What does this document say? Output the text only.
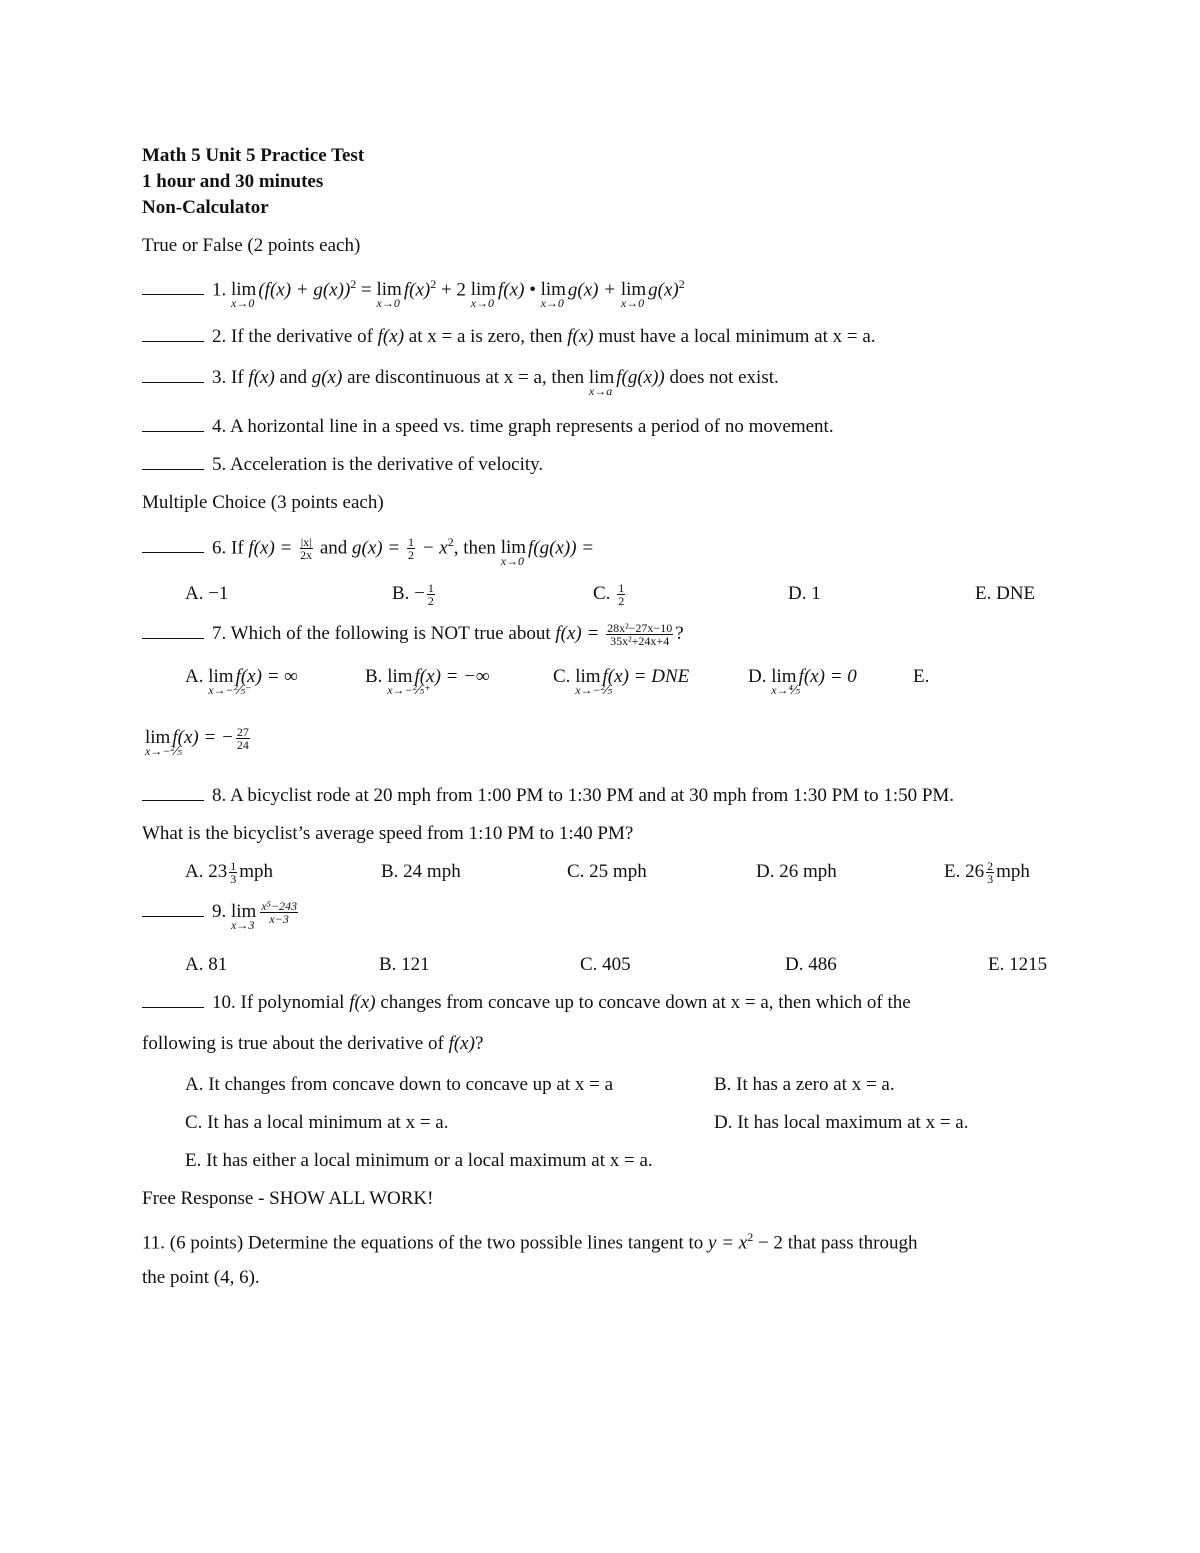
Math 5 Unit 5 Practice Test
1 hour and 30 minutes
Non-Calculator
True or False (2 points each)
1. lim
x→0
$(f(x) + g(x))^2 = \lim$
x→0
$f(x)^2 + 2$ lim
x→0
f(x) • lim
x→0
g(x) + lim
x→0
$g(x)^2$
2. If the derivative of f(x) at x = a is zero, then f(x) must have a local minimum at x = a.
3. If f(x) and g(x) are discontinuous at x = a, then lim
x→a
f(g(x)) does not exist.
4. A horizontal line in a speed vs. time graph represents a period of no movement.
5. Acceleration is the derivative of velocity.
Multiple Choice (3 points each)
6. If $f(x) = \frac{|x|}{2x}$ and $g(x) = \frac{1}{2} - x^2$, then lim
x→0
f(g(x)) =
A. −1	B. − $\frac{1}{2}$	C. $\frac{1}{2}$	D. 1	E. DNE
7. Which of the following is NOT true about $f(x) = \frac{\text{28x²−27x−10}}{\text{35x²+24x+4}}$ ?
A. lim
x→−⅖⁻
f(x) = ∞	B. lim
x→−⅖⁺
f(x) = −∞	C. lim
x→−⅖
f(x) = DNE	D. lim
x→⅘
f(x) = 0	E.
lim
x→−⅖
f(x) = − $\frac{27}{24}$
8. A bicyclist rode at 20 mph from 1:00 PM to 1:30 PM and at 30 mph from 1:30 PM to 1:50 PM.
What is the bicyclist’s average speed from 1:10 PM to 1:40 PM?
A. $23 \frac{1}{3}$ mph	B. 24 mph	C. 25 mph	D. 26 mph	E. $26 \frac{2}{3}$ mph
9. lim
$x\to 3 \frac{\text{x⁵−243}}{x-3}$
A. 81	B. 121	C. 405	D. 486	E. 1215
10. If polynomial f(x) changes from concave up to concave down at x = a, then which of the
following is true about the derivative of f(x)?
A. It changes from concave down to concave up at x = a	B. It has a zero at x = a.
C. It has a local minimum at x = a.	D. It has local maximum at x = a.
E. It has either a local minimum or a local maximum at x = a.
Free Response - SHOW ALL WORK!
11. (6 points) Determine the equations of the two possible lines tangent to $y = x^2 - 2$ that pass through
the point (4, 6).
